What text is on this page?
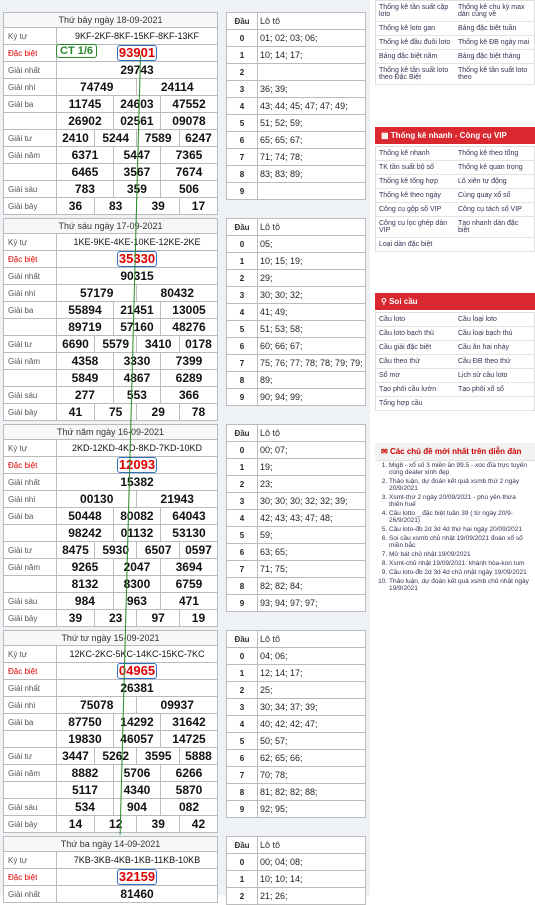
Thứ bảy ngày 18-09-2021						
Ký tự	9KF-2KF-8KF-15KF-8KF-13KF					
Đặc biệt	93901					
Giải nhất	29743					
Giải nhì	74749			24114		
Giải ba	11745		24603		47552	
	26902		02561		09078	
Giải tư	2410	5244		7589		6247
Giải năm	6371		5447		7365	
	6465		3567		7674	
Giải sáu	783		359		506	
Giải bảy	36	83		39		17
Đầu	Lô tô
0	01; 02; 03; 06;
1	10; 14; 17;
2	
3	36; 39;
4	43; 44; 45; 47; 47; 49;
5	51; 52; 59;
6	65; 65; 67;
7	71; 74; 78;
8	83; 83; 89;
9	
Thứ sáu ngày 17-09-2021						
Ký tự	1KE-9KE-4KE-10KE-12KE-2KE					
Đặc biệt	35330					
Giải nhất	90315					
Giải nhì	57179			80432		
Giải ba	55894		21451		13005	
	89719		57160		48276	
Giải tư	6690	5579		3410		0178
Giải năm	4358		3330		7399	
	5849		4867		6289	
Giải sáu	277		553		366	
Giải bảy	41	75		29		78
Đầu	Lô tô
0	05;
1	10; 15; 19;
2	29;
3	30; 30; 32;
4	41; 49;
5	51; 53; 58;
6	60; 66; 67;
7	75; 76; 77; 78; 78; 79; 79;
8	89;
9	90; 94; 99;
Thứ năm ngày 16-09-2021						
Ký tự	2KD-12KD-4KD-8KD-7KD-10KD					
Đặc biệt	12093					
Giải nhất	15382					
Giải nhì	00130			21943		
Giải ba	50448		80082		64043	
	98242		01132		53130	
Giải tư	8475	5930		6507		0597
Giải năm	9265		2047		3694	
	8132		8300		6759	
Giải sáu	984		963		471	
Giải bảy	39	23		97		19
Đầu	Lô tô
0	00; 07;
1	19;
2	23;
3	30; 30; 30; 32; 32; 39;
4	42; 43; 43; 47; 48;
5	59;
6	63; 65;
7	71; 75;
8	82; 82; 84;
9	93; 94; 97; 97;
Thứ tư ngày 15-09-2021						
Ký tự	12KC-2KC-5KC-14KC-15KC-7KC					
Đặc biệt	04965					
Giải nhất	26381					
Giải nhì	75078			09937		
Giải ba	87750		14292		31642	
	19830		46057		14725	
Giải tư	3447	5262		3595		5888
Giải năm	8882		5706		6266	
	5117		4340		5870	
Giải sáu	534		904		082	
Giải bảy	14	12		39		42
Đầu	Lô tô
0	04; 06;
1	12; 14; 17;
2	25;
3	30; 34; 37; 39;
4	40; 42; 42; 47;
5	50; 57;
6	62; 65; 66;
7	70; 78;
8	81; 82; 82; 88;
9	92; 95;
Thứ ba ngày 14-09-2021	
Ký tự	7KB-3KB-4KB-1KB-11KB-10KB
Đặc biệt	32159
Giải nhất	81460
Đầu	Lô tô
0	00; 04; 08;
1	10; 10; 14;
2	21; 26;
CT 1/6
Thống kê tần suất cặp loto	Thống kê chu kỳ max dàn cùng về
Thống kê loto gan	Bảng đặc biệt tuần
Thống kê đầu đuôi loto	Thống kê ĐB ngày mai
Bảng đặc biệt năm	Bảng đặc biệt tháng
Thống kê tần suất loto theo Đặc Biệt	Thống kê tần suất loto theo
▦ Thống kê nhanh - Công cụ VIP
Thống kê nhanh	Thống kê theo tổng
TK tần suất bộ số	Thống kê quan trọng
Thống kê tổng hợp	Lô xiên tự động
Thống kê theo ngày	Cùng quay xổ số
Công cụ gộp số VIP	Công cụ tách số VIP
Công cụ lọc ghép dàn VIP	Tạo nhanh dàn đặc biệt
Loại dàn đặc biệt	
⚲ Soi cầu
Cầu loto	Cầu loại loto
Cầu loto bạch thủ	Cầu loại bạch thủ
Cầu giải đặc biệt	Cầu ăn hai nháy
Cầu theo thứ	Cầu ĐB theo thứ
Sổ mơ	Lịch sử cầu loto
Tạo phôi cầu lườn	Tạo phôi xổ số
Tổng hợp cầu	
✉ Các chủ đề mới nhất trên diễn đàn
1. Mig8 - xổ số 3 miền ăn 99.5 - xóc đĩa trực tuyến cùng dealer xinh đẹp
2. Thảo luận, dự đoán kết quả xsmb thứ 2 ngày 20/9/2021
3. Xsmt-thứ 2 ngày 20/09/2021 - phú yên-thừa thiên huế
4. Cầu lotto _ đặc biệt tuần 39 ( từ ngày 20/9- 26/9/2021)
5. Cầu loto-đb 2d 3d 4d thứ hai ngày 20/09/2021
6. Soi cầu xsmb chủ nhật 19/09/2021 đoán xổ số miền bắc
7. Mở bát chủ nhật 19/09/2021
8. Xsmt-chủ nhật 19/09/2021: khánh hòa-kon tum
9. Cầu loto-đb 2d 3d 4d chủ nhật ngày 19/09/2021
10. Thảo luận, dự đoán kết quả xsmb chủ nhật ngày 19/9/2021
